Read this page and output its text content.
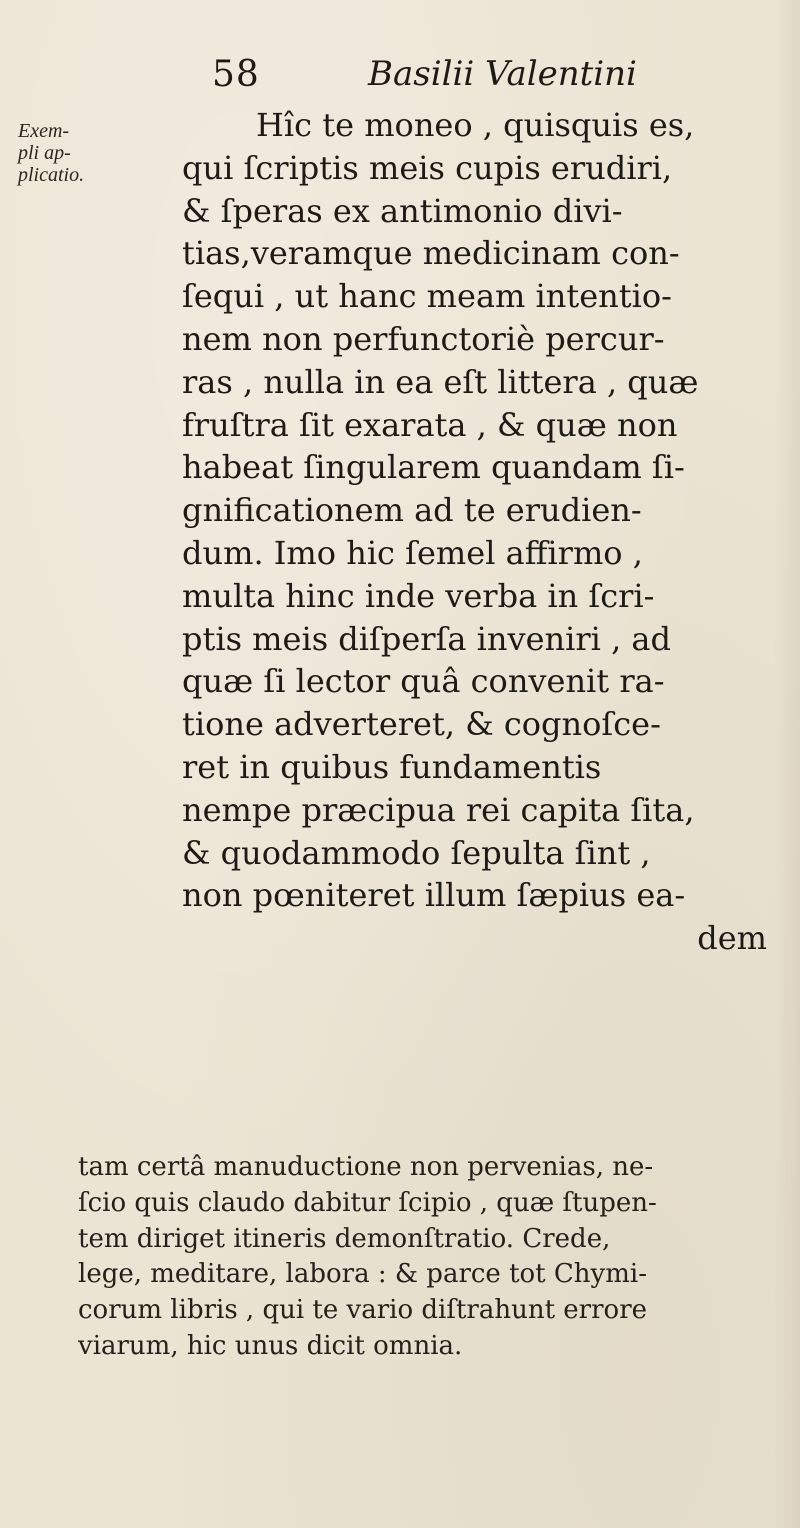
58	Basilii Valentini
Exem-
pli ap-
plicatio.
Hîc te moneo , quisquis es,
qui ſcriptis meis cupis erudiri,
& ſperas ex antimonio divi-
tias,veramque medicinam con-
ſequi , ut hanc meam intentio-
nem non perfunctoriè percur-
ras , nulla in ea eſt littera , quæ
fruſtra ſit exarata , & quæ non
habeat ſingularem quandam ſi-
gnificationem ad te erudien-
dum. Imo hic ſemel affirmo ,
multa hinc inde verba in ſcri-
ptis meis diſperſa inveniri , ad
quæ ſi lector quâ convenit ra-
tione adverteret, & cognoſce-
ret in quibus fundamentis
nempe præcipua rei capita ſita,
& quodammodo ſepulta ſint ,
non pœniteret illum ſæpius ea-
dem
tam certâ manuductione non pervenias, ne-
ſcio quis claudo dabitur ſcipio , quæ ſtupen-
tem diriget itineris demonſtratio. Crede,
lege, meditare, labora : & parce tot Chymi-
corum libris , qui te vario diſtrahunt errore
viarum, hic unus dicit omnia.
